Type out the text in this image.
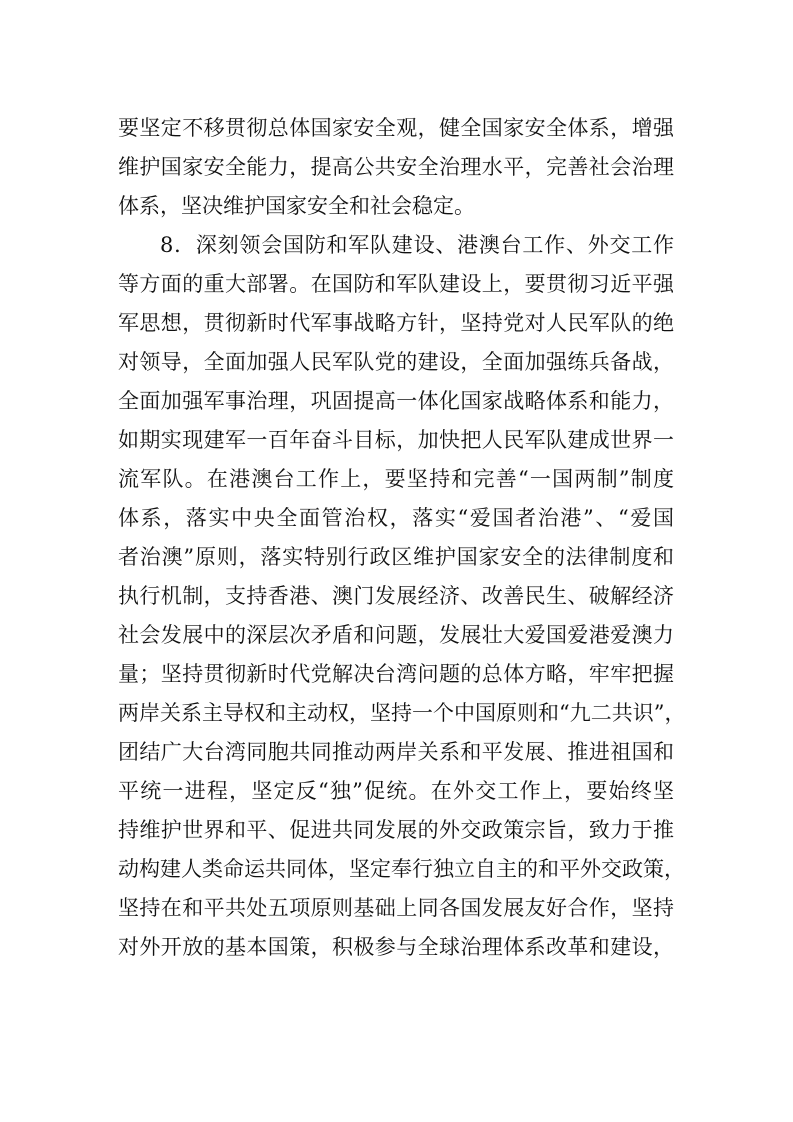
要坚定不移贯彻总体国家安全观，健全国家安全体系，增强
维护国家安全能力，提高公共安全治理水平，完善社会治理
体系，坚决维护国家安全和社会稳定。
8．深刻领会国防和军队建设、港澳台工作、外交工作
等方面的重大部署。在国防和军队建设上，要贯彻习近平强
军思想，贯彻新时代军事战略方针，坚持党对人民军队的绝
对领导，全面加强人民军队党的建设，全面加强练兵备战，
全面加强军事治理，巩固提高一体化国家战略体系和能力，
如期实现建军一百年奋斗目标，加快把人民军队建成世界一
流军队。在港澳台工作上，要坚持和完善“一国两制”制度
体系，落实中央全面管治权，落实“爱国者治港”、“爱国
者治澳”原则，落实特别行政区维护国家安全的法律制度和
执行机制，支持香港、澳门发展经济、改善民生、破解经济
社会发展中的深层次矛盾和问题，发展壮大爱国爱港爱澳力
量；坚持贯彻新时代党解决台湾问题的总体方略，牢牢把握
两岸关系主导权和主动权，坚持一个中国原则和“九二共识”，
团结广大台湾同胞共同推动两岸关系和平发展、推进祖国和
平统一进程，坚定反“独”促统。在外交工作上，要始终坚
持维护世界和平、促进共同发展的外交政策宗旨，致力于推
动构建人类命运共同体，坚定奉行独立自主的和平外交政策，
坚持在和平共处五项原则基础上同各国发展友好合作，坚持
对外开放的基本国策，积极参与全球治理体系改革和建设，
